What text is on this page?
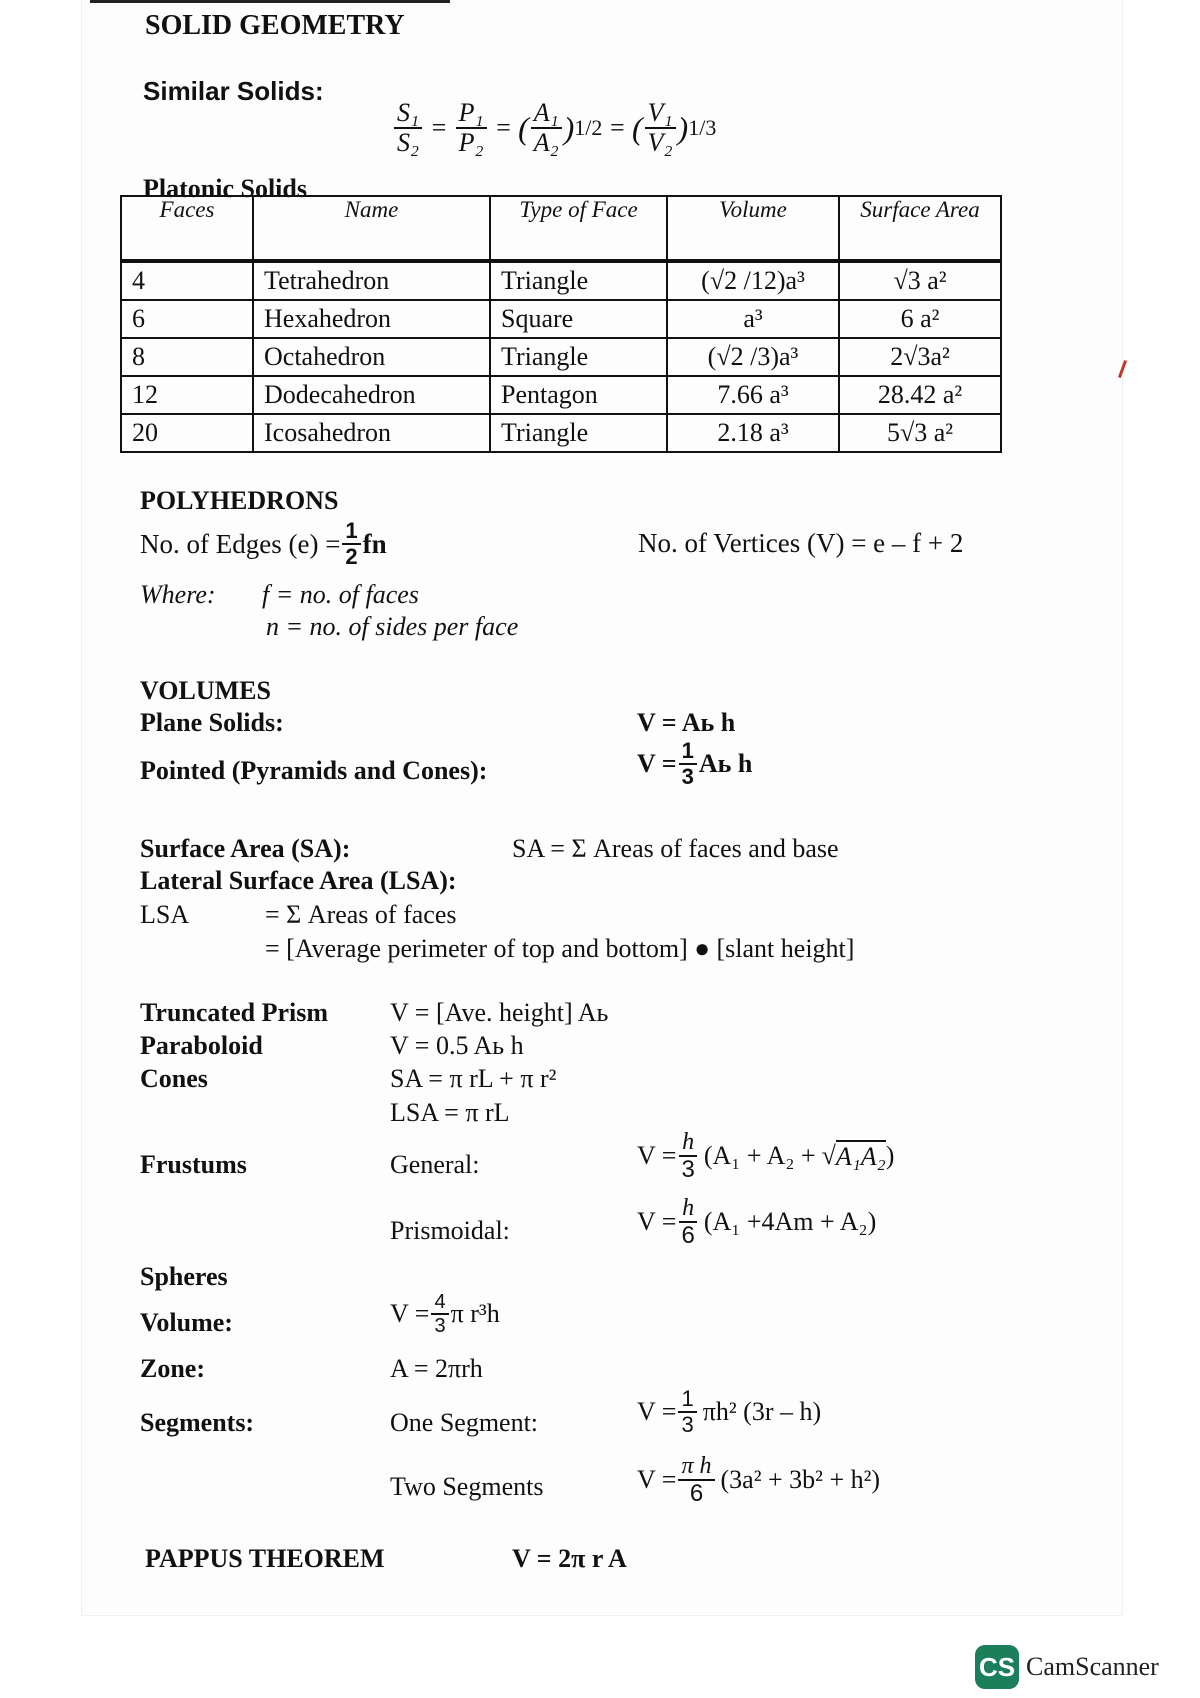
SOLID GEOMETRY
Similar Solids:
$\frac{\text{S₁}}{\text{S₂}} = \frac{\text{P₁}}{\text{P₂}}$ = ( $\frac{\text{A₁}}{\text{A₂}}$ ) 1/2 = ( $\frac{\text{V₁}}{\text{V₂}}$ ) 1/3
Platonic Solids
Faces	Name	Type of Face	Volume	Surface Area
4	Tetrahedron	Triangle	(√2 /12)a³	√3 a²
6	Hexahedron	Square	a³	6 a²
8	Octahedron	Triangle	(√2 /3)a³	2√3a²
12	Dodecahedron	Pentagon	7.66 a³	28.42 a²
20	Icosahedron	Triangle	2.18 a³	5√3 a²
POLYHEDRONS
No. of Edges $(e) = \frac{1}{2}$ fn	No. of Vertices (V) = e – f + 2
Where: f = no. of faces
n = no. of sides per face
VOLUMES
Plane Solids:	V = Aь h
Pointed (Pyramids and Cones):	$V = \frac{1}{3}$ Aь h
Surface Area (SA):	SA = Σ Areas of faces and base
Lateral Surface Area (LSA):
LSA	= Σ Areas of faces
= [Average perimeter of top and bottom] ● [slant height]
Truncated Prism V = [Ave. height] Aь
Paraboloid	V = 0.5 Aь h
Cones	SA = π rL + π r²
LSA = π rL
Frustums	General:	$V = \frac{h}{3} (A_1 + A_2$ + √ A₁A₂ )
Prismoidal:	$V = \frac{h}{6} (A_1 +4Am + A_2)$
Spheres
Volume:	$V = \frac{4}{3}$ π r³h
Zone:	A = 2πrh
Segments:	One Segment:	$V = \frac{1}{3} \pi h^2$ (3r – h)
Two Segments	$V = \frac{\text{π h}}{6} (3a^2 + 3b^2 + h^2)$
PAPPUS THEOREM	V = 2π r A
CS CamScanner
